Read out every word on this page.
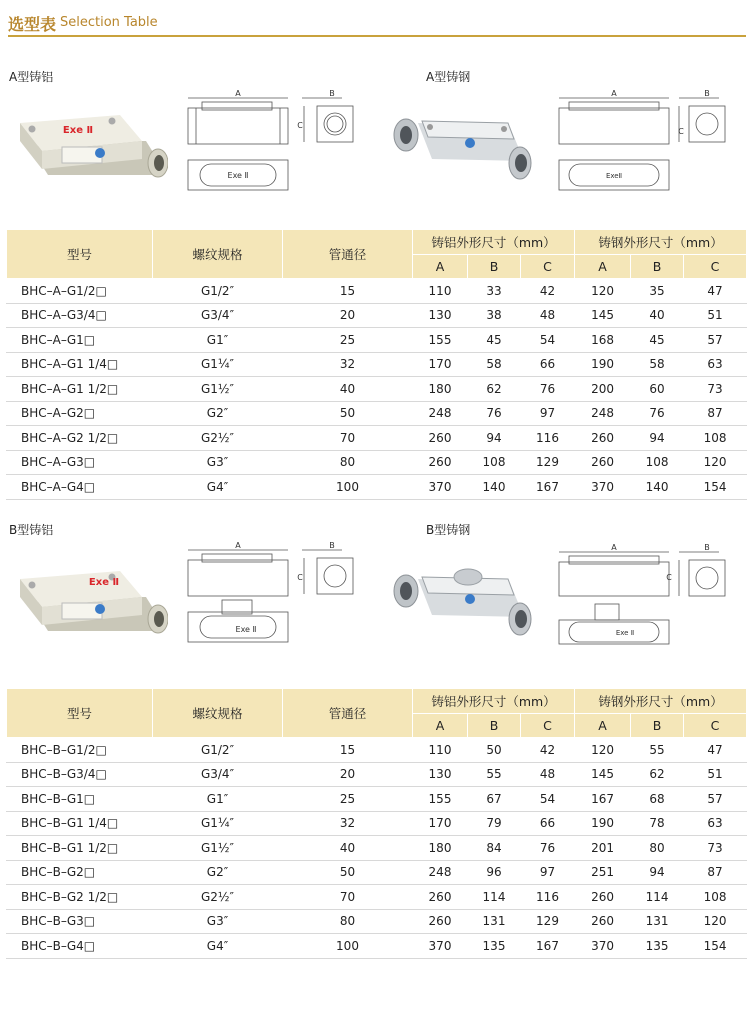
选型表 Selection Table
A型铸铝	A型铸钢
Exe Ⅱ
A	B
C
Exe Ⅱ
A	B
C
ExeⅡ
型号	螺纹规格	管通径	铸铝外形尺寸（mm）			铸钢外形尺寸（mm）		
			A	B	C	A	B	C
BHC–A–G1/2□	G1/2″	15	110	33	42	120	35	47
BHC–A–G3/4□	G3/4″	20	130	38	48	145	40	51
BHC–A–G1□	G1″	25	155	45	54	168	45	57
BHC–A–G1 1/4□	G1¼″	32	170	58	66	190	58	63
BHC–A–G1 1/2□	G1½″	40	180	62	76	200	60	73
BHC–A–G2□	G2″	50	248	76	97	248	76	87
BHC–A–G2 1/2□	G2½″	70	260	94	116	260	94	108
BHC–A–G3□	G3″	80	260	108	129	260	108	120
BHC–A–G4□	G4″	100	370	140	167	370	140	154
B型铸铝	B型铸钢
Exe Ⅱ
A	B
C
Exe Ⅱ
A	B
C
Exe Ⅱ
型号	螺纹规格	管通径	铸铝外形尺寸（mm）			铸钢外形尺寸（mm）		
			A	B	C	A	B	C
BHC–B–G1/2□	G1/2″	15	110	50	42	120	55	47
BHC–B–G3/4□	G3/4″	20	130	55	48	145	62	51
BHC–B–G1□	G1″	25	155	67	54	167	68	57
BHC–B–G1 1/4□	G1¼″	32	170	79	66	190	78	63
BHC–B–G1 1/2□	G1½″	40	180	84	76	201	80	73
BHC–B–G2□	G2″	50	248	96	97	251	94	87
BHC–B–G2 1/2□	G2½″	70	260	114	116	260	114	108
BHC–B–G3□	G3″	80	260	131	129	260	131	120
BHC–B–G4□	G4″	100	370	135	167	370	135	154
